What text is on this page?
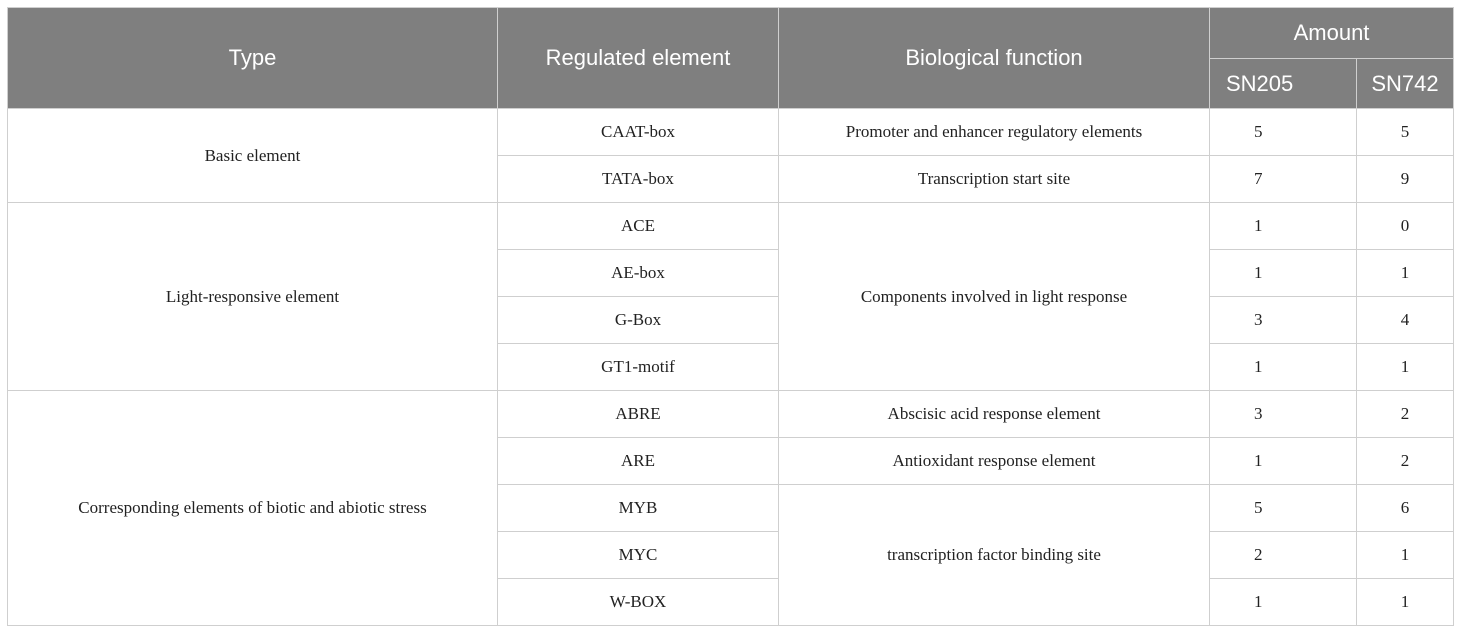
Type	Regulated element	Biological function	Amount	
			SN205	SN742
Basic element	CAAT-box	Promoter and enhancer regulatory elements	5	5
	TATA-box	Transcription start site	7	9
Light-responsive element	ACE	Components involved in light response	1	0
	AE-box		1	1
	G-Box		3	4
	GT1-motif		1	1
Corresponding elements of biotic and abiotic stress	ABRE	Abscisic acid response element	3	2
	ARE	Antioxidant response element	1	2
	MYB	transcription factor binding site	5	6
	MYC		2	1
	W-BOX		1	1
